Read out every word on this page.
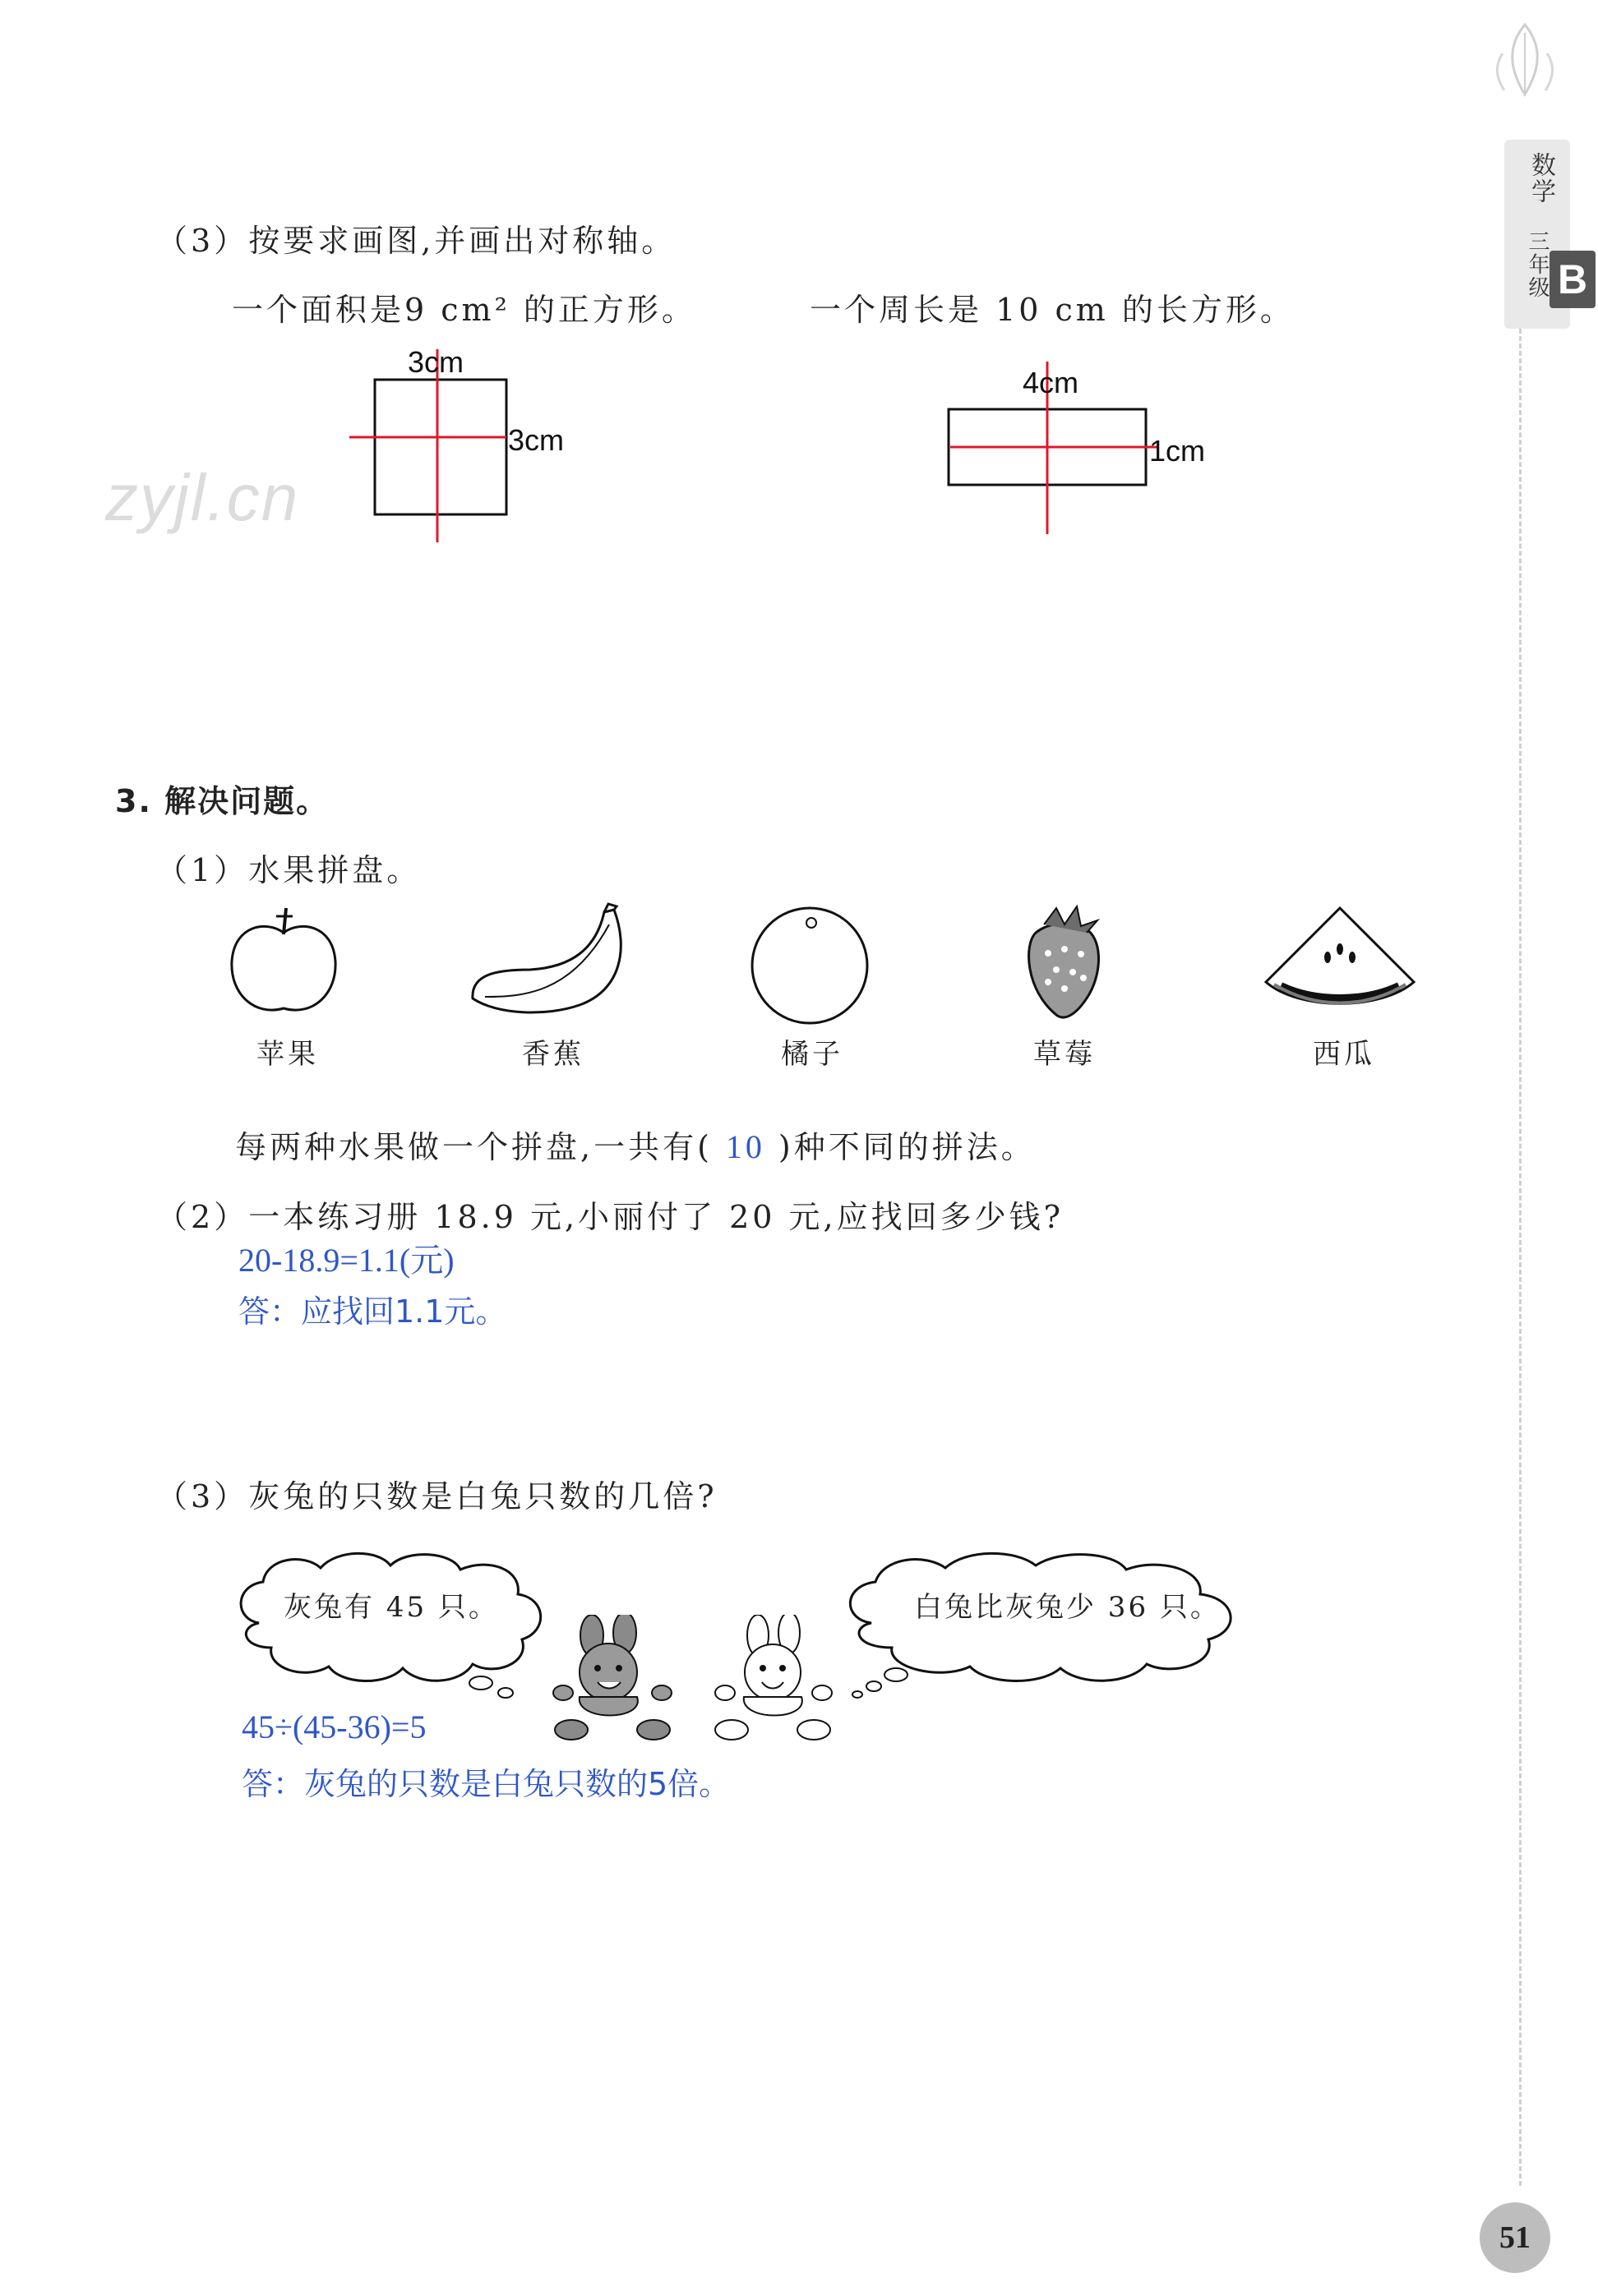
数学
三年级 B
zyjl.cn
（3）按要求画图,并画出对称轴。
一个面积是9 cm² 的正方形。	一个周长是 10 cm 的长方形。
3cm
3cm
4cm
1cm
3. 解决问题。
（1）水果拼盘。
苹果	香蕉	橘子	草莓	西瓜
每两种水果做一个拼盘,一共有( 10 )种不同的拼法。
（2）一本练习册 18.9 元,小丽付了 20 元,应找回多少钱?
20-18.9=1.1(元)
答：应找回1.1元。
（3）灰兔的只数是白兔只数的几倍?
灰兔有 45 只。	白兔比灰兔少 36 只。
45÷(45-36)=5
答：灰兔的只数是白兔只数的5倍。
51
